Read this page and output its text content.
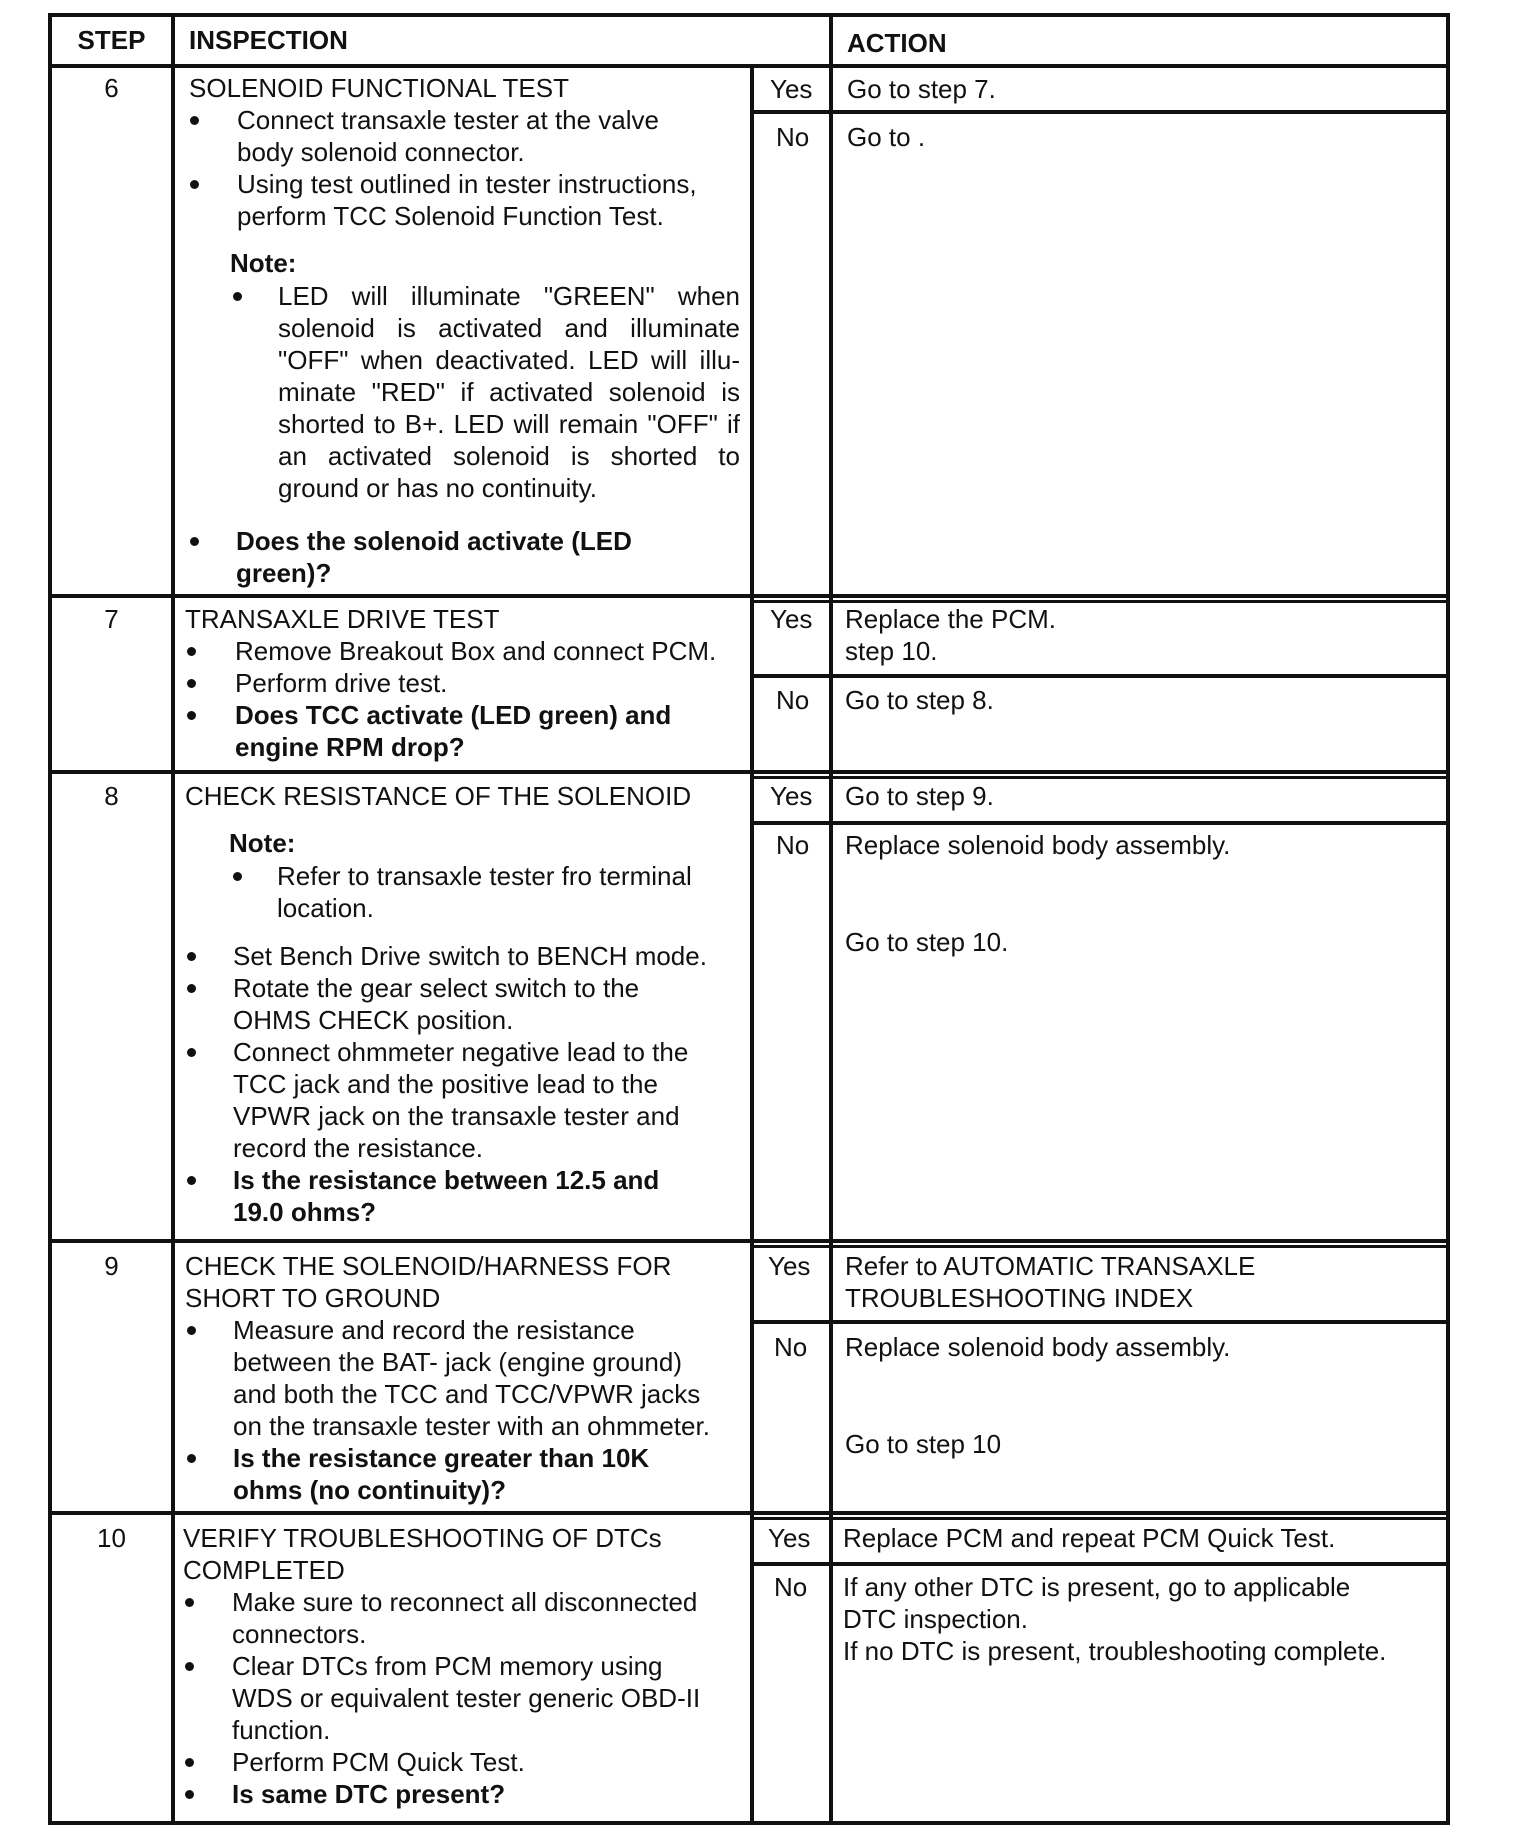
STEP	INSPECTION	ACTION
6	SOLENOID FUNCTIONAL TEST
Connect transaxle tester at the valve
body solenoid connector.
Using test outlined in tester instructions,
perform TCC Solenoid Function Test.
Note:
LED will illuminate "GREEN" when solenoid is activated and illuminate "OFF" when deactivated. LED will illu-minate "RED" if activated solenoid is shorted to B+. LED will remain "OFF" if an activated solenoid is shorted to ground or has no continuity.
Does the solenoid activate (LED
green)?
Yes Go to step 7.
No Go to .
7	TRANSAXLE DRIVE TEST
Remove Breakout Box and connect PCM.
Perform drive test.
Does TCC activate (LED green) and
engine RPM drop?
Yes Replace the PCM.
step 10.
No Go to step 8.
8	CHECK RESISTANCE OF THE SOLENOID
Note:
Refer to transaxle tester fro terminal
location.
Set Bench Drive switch to BENCH mode.
Rotate the gear select switch to the
OHMS CHECK position.
Connect ohmmeter negative lead to the
TCC jack and the positive lead to the
VPWR jack on the transaxle tester and
record the resistance.
Is the resistance between 12.5 and
19.0 ohms?
Yes Go to step 9.
No Replace solenoid body assembly.
Go to step 10.
9	CHECK THE SOLENOID/HARNESS FOR
SHORT TO GROUND
Measure and record the resistance
between the BAT- jack (engine ground)
and both the TCC and TCC/VPWR jacks
on the transaxle tester with an ohmmeter.
Is the resistance greater than 10K
ohms (no continuity)?
Yes Refer to AUTOMATIC TRANSAXLE
TROUBLESHOOTING INDEX
No Replace solenoid body assembly.
Go to step 10
10	VERIFY TROUBLESHOOTING OF DTCs
COMPLETED
Make sure to reconnect all disconnected
connectors.
Clear DTCs from PCM memory using
WDS or equivalent tester generic OBD-II
function.
Perform PCM Quick Test.
Is same DTC present?
Yes Replace PCM and repeat PCM Quick Test.
No If any other DTC is present, go to applicable
DTC inspection.
If no DTC is present, troubleshooting complete.
